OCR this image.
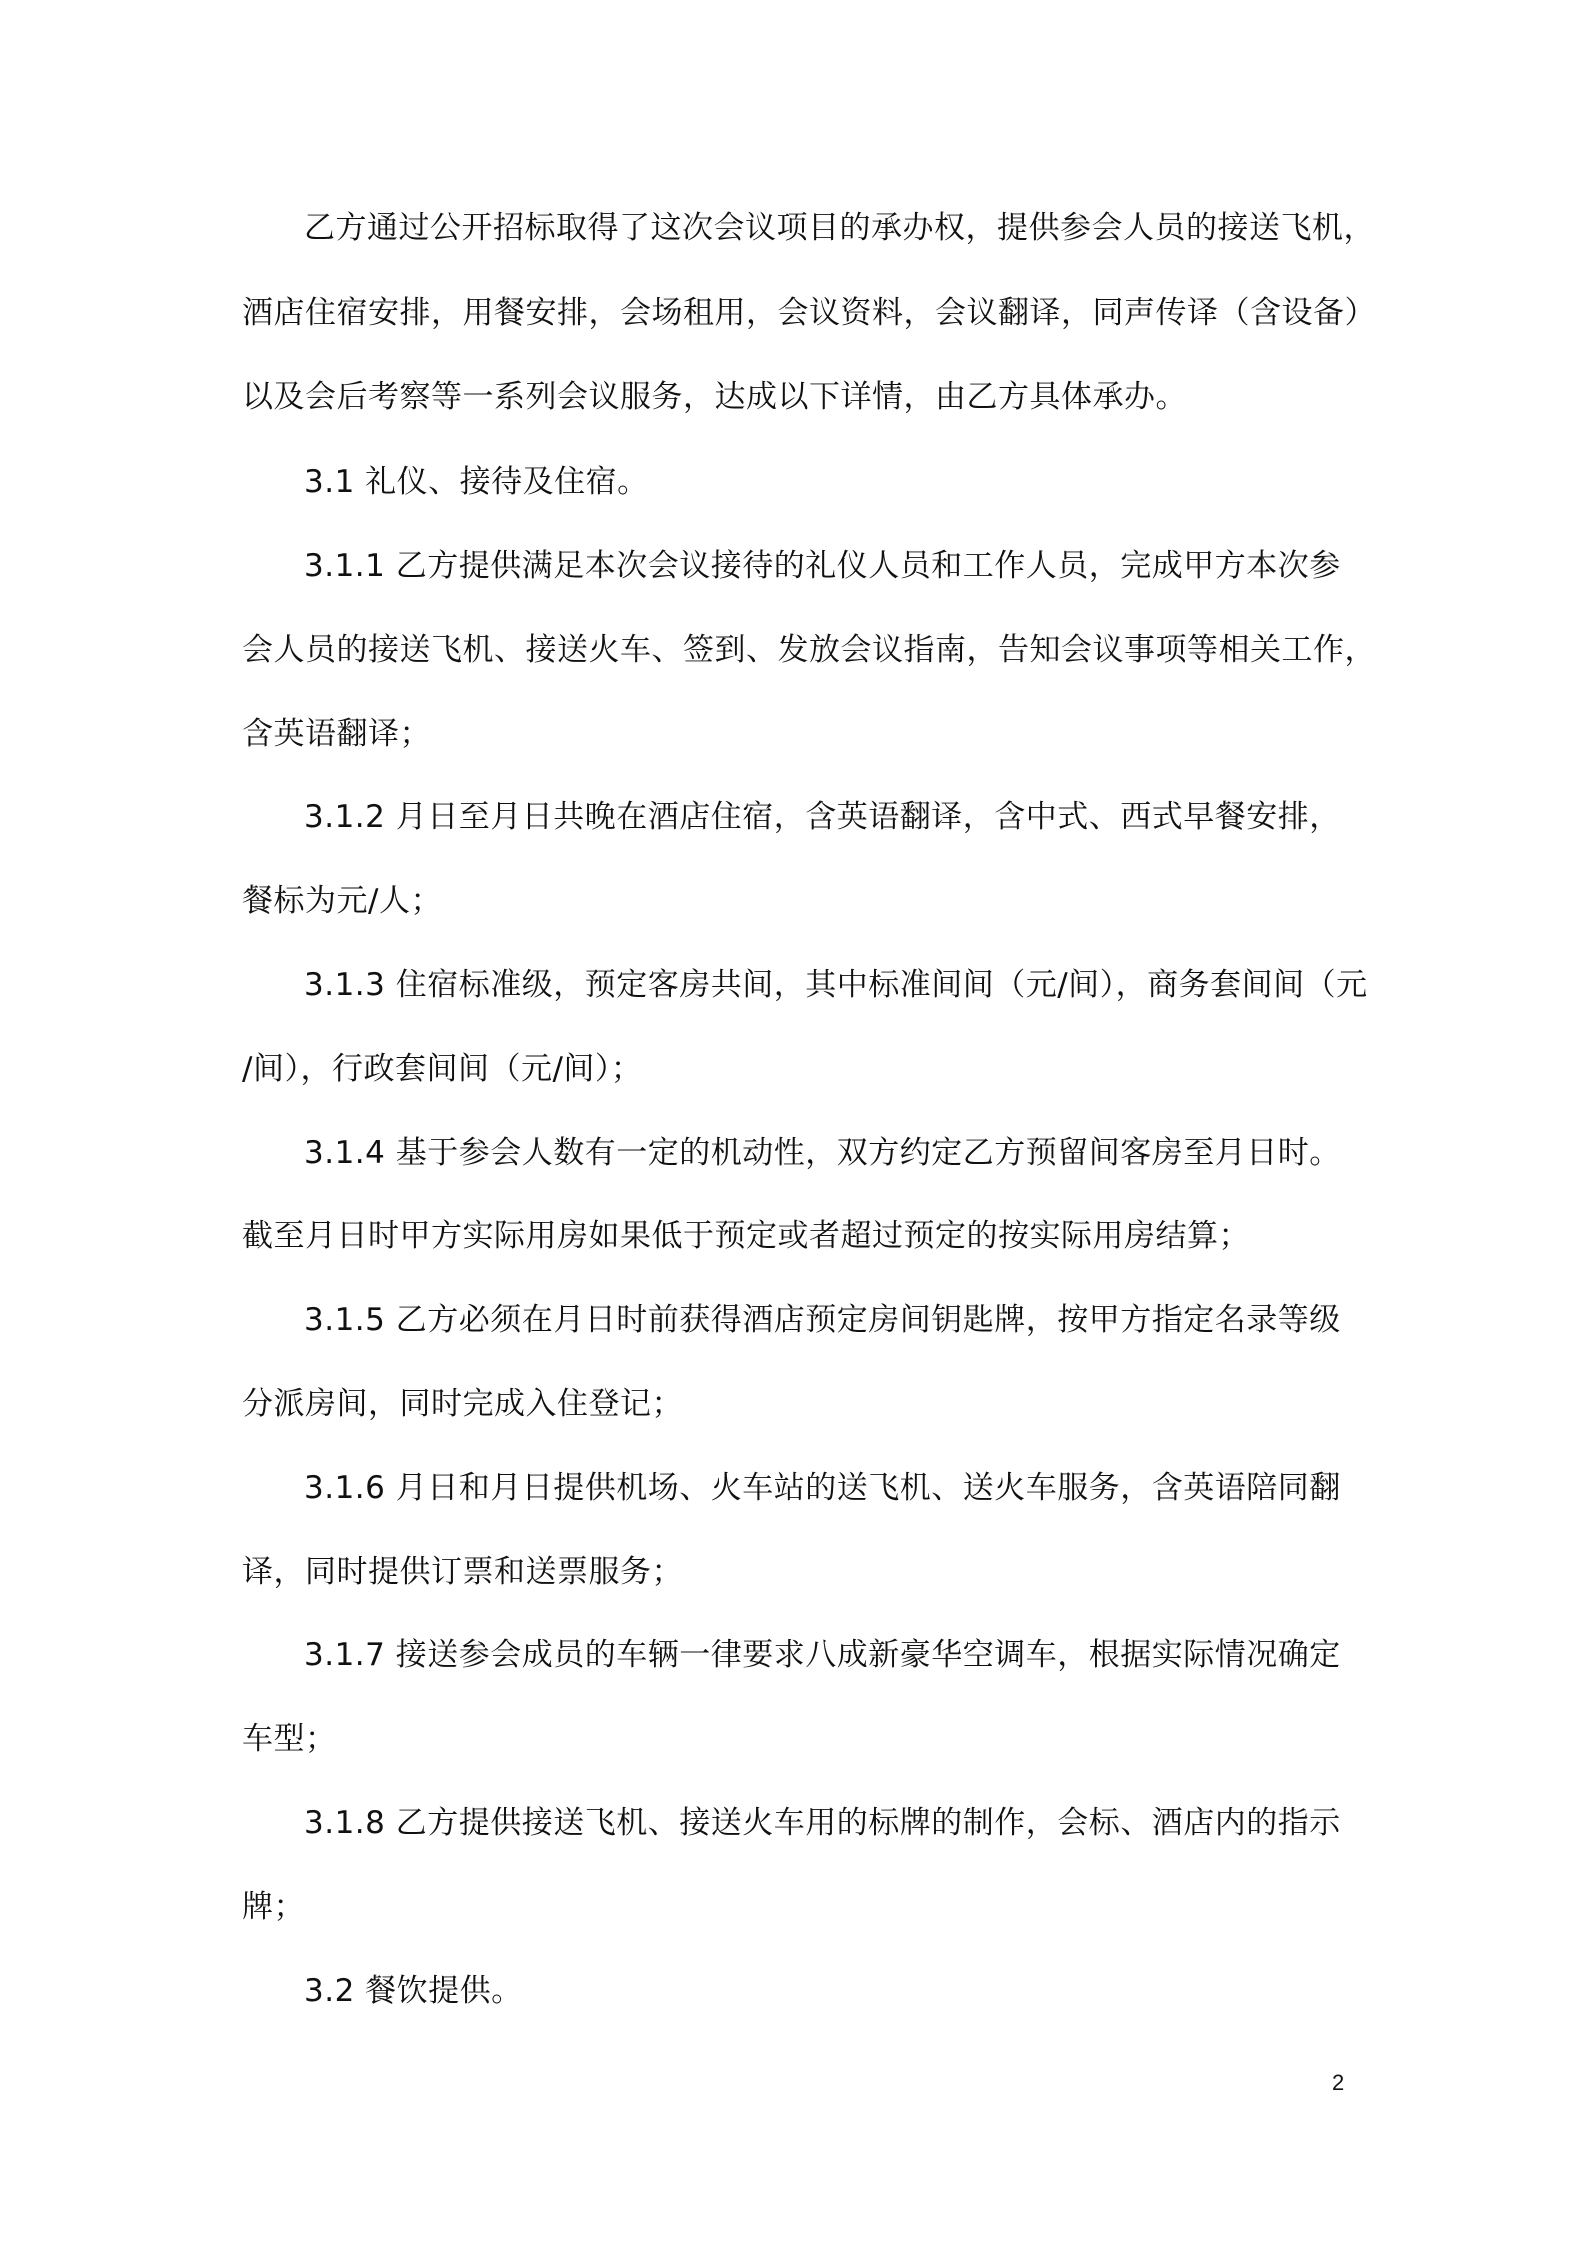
乙方通过公开招标取得了这次会议项目的承办权，提供参会人员的接送飞机，
酒店住宿安排，用餐安排，会场租用，会议资料，会议翻译，同声传译（含设备）
以及会后考察等一系列会议服务，达成以下详情，由乙方具体承办。
3.1 礼仪、接待及住宿。
3.1.1 乙方提供满足本次会议接待的礼仪人员和工作人员，完成甲方本次参
会人员的接送飞机、接送火车、签到、发放会议指南，告知会议事项等相关工作，
含英语翻译；
3.1.2 月日至月日共晚在酒店住宿，含英语翻译，含中式、西式早餐安排，
餐标为元/人；
3.1.3 住宿标准级，预定客房共间，其中标准间间（元/间），商务套间间（元
/间），行政套间间（元/间）；
3.1.4 基于参会人数有一定的机动性，双方约定乙方预留间客房至月日时。
截至月日时甲方实际用房如果低于预定或者超过预定的按实际用房结算；
3.1.5 乙方必须在月日时前获得酒店预定房间钥匙牌，按甲方指定名录等级
分派房间，同时完成入住登记；
3.1.6 月日和月日提供机场、火车站的送飞机、送火车服务，含英语陪同翻
译，同时提供订票和送票服务；
3.1.7 接送参会成员的车辆一律要求八成新豪华空调车，根据实际情况确定
车型；
3.1.8 乙方提供接送飞机、接送火车用的标牌的制作，会标、酒店内的指示
牌；
3.2 餐饮提供。
2
